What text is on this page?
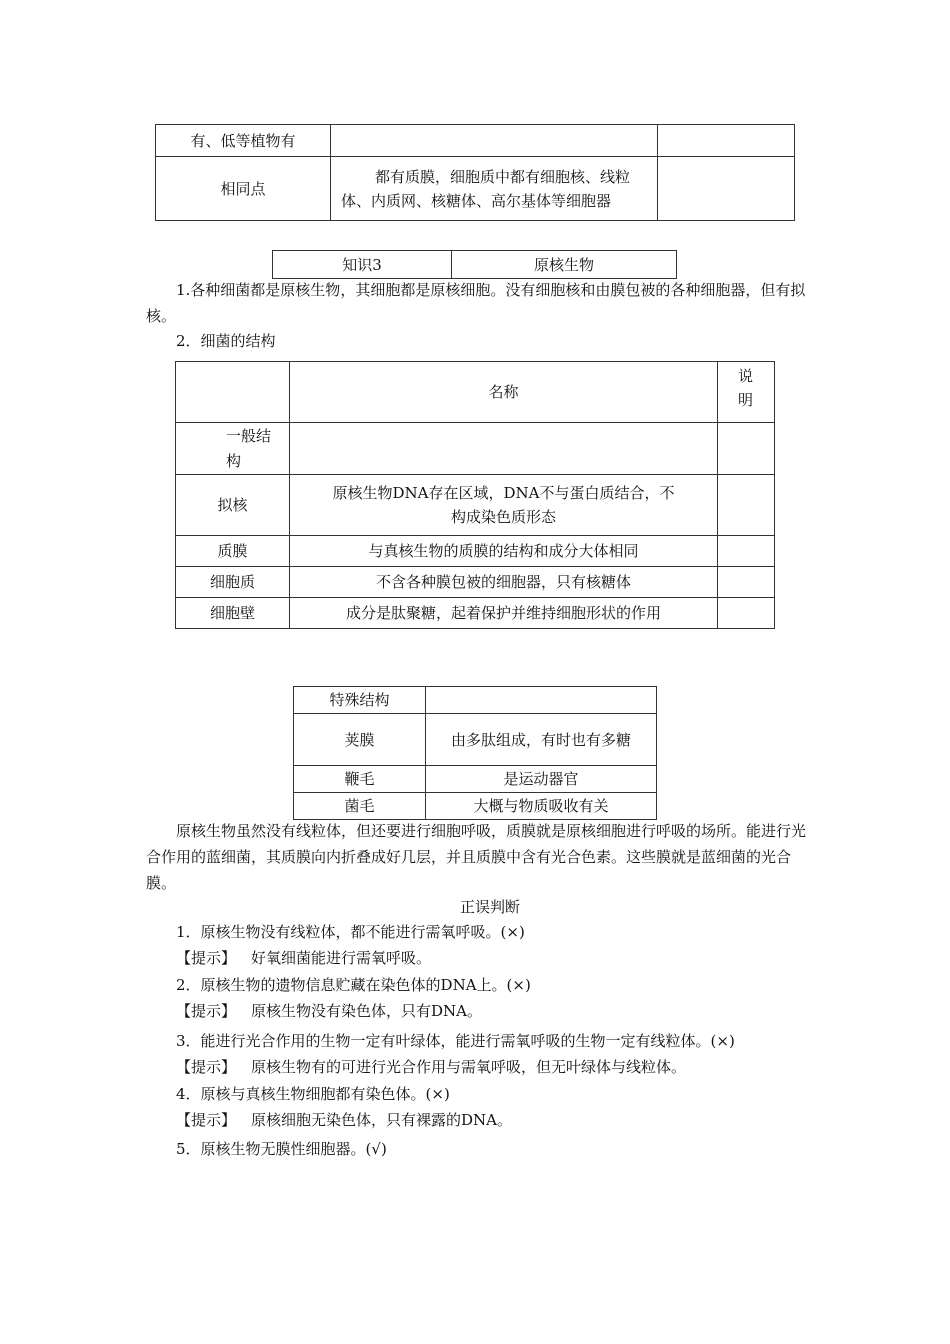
有、低等植物有		
相同点	都有质膜，细胞质中都有细胞核、线粒体、内质网、核糖体、高尔基体等细胞器	
知识3	原核生物

1.各种细菌都是原核生物，其细胞都是原核细胞。没有细胞核和由膜包被的各种细胞器，但有拟核。

2．细菌的结构

	名称	说明

一般结构		

拟核	原核生物DNA存在区域，DNA不与蛋白质结合，不构成染色质形态	
质膜	与真核生物的质膜的结构和成分大体相同	
细胞质	不含各种膜包被的细胞器，只有核糖体	
细胞壁	成分是肽聚糖，起着保护并维持细胞形状的作用	
特殊结构	
荚膜	由多肽组成，有时也有多糖
鞭毛	是运动器官
菌毛	大概与物质吸收有关

原核生物虽然没有线粒体，但还要进行细胞呼吸，质膜就是原核细胞进行呼吸的场所。能进行光合作用的蓝细菌，其质膜向内折叠成好几层，并且质膜中含有光合色素。这些膜就是蓝细菌的光合膜。

正误判断

1．原核生物没有线粒体，都不能进行需氧呼吸。(×)

【提示】 好氧细菌能进行需氧呼吸。

2．原核生物的遗物信息贮藏在染色体的DNA上。(×)

【提示】 原核生物没有染色体，只有DNA。

3．能进行光合作用的生物一定有叶绿体，能进行需氧呼吸的生物一定有线粒体。(×)

【提示】 原核生物有的可进行光合作用与需氧呼吸，但无叶绿体与线粒体。

4．原核与真核生物细胞都有染色体。(×)

【提示】 原核细胞无染色体，只有裸露的DNA。

5．原核生物无膜性细胞器。(√)
